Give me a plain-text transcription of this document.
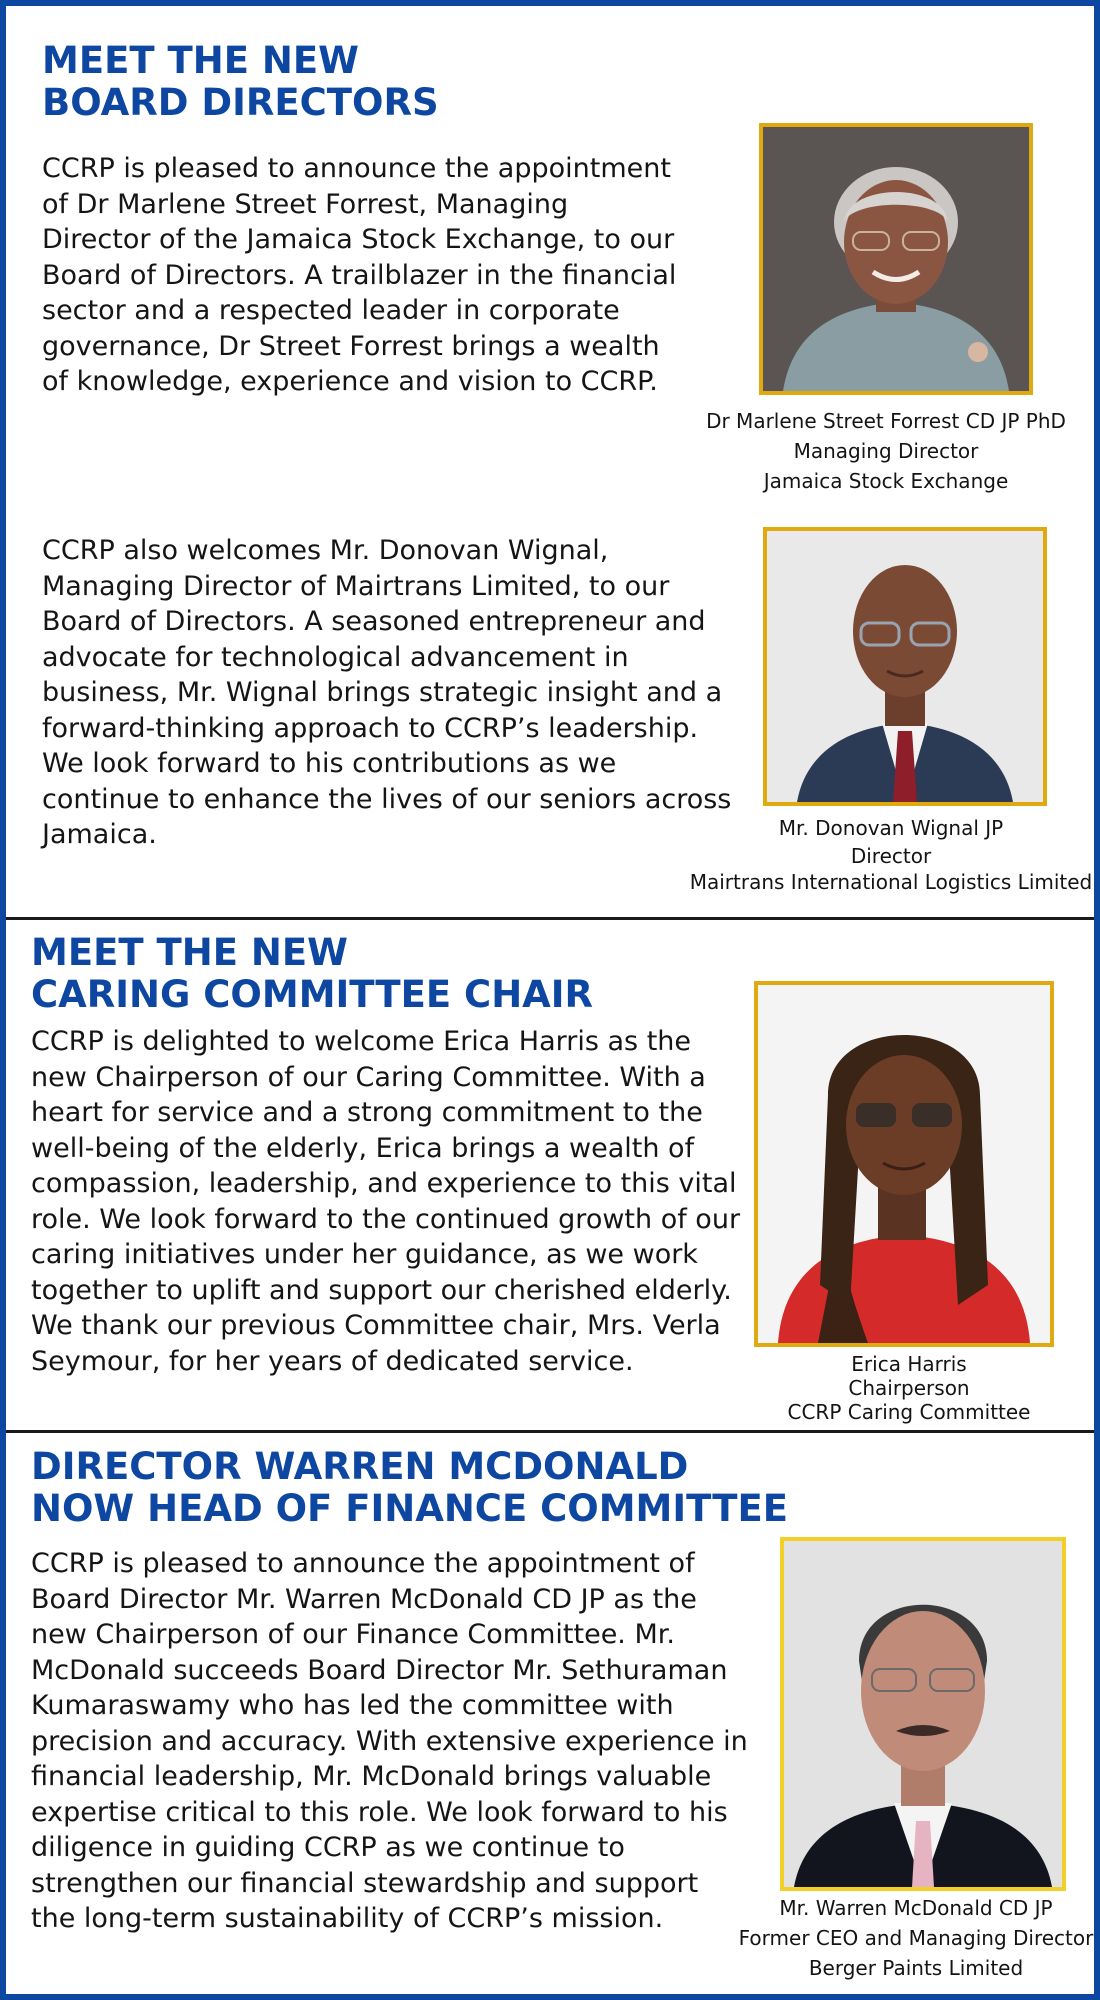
MEET THE NEW
BOARD DIRECTORS

CCRP is pleased to announce the appointment of Dr Marlene Street Forrest, Managing Director of the Jamaica Stock Exchange, to our Board of Directors. A trailblazer in the financial sector and a respected leader in corporate governance, Dr Street Forrest brings a wealth of knowledge, experience and vision to CCRP.

Dr Marlene Street Forrest CD JP PhD
Managing Director
Jamaica Stock Exchange

CCRP also welcomes Mr. Donovan Wignal, Managing Director of Mairtrans Limited, to our Board of Directors. A seasoned entrepreneur and advocate for technological advancement in business, Mr. Wignal brings strategic insight and a forward-thinking approach to CCRP’s leadership. We look forward to his contributions as we continue to enhance the lives of our seniors across Jamaica.	Mr. Donovan Wignal JP
Director
Mairtrans International Logistics Limited
MEET THE NEW
CARING COMMITTEE CHAIR

CCRP is delighted to welcome Erica Harris as the new Chairperson of our Caring Committee. With a heart for service and a strong commitment to the well-being of the elderly, Erica brings a wealth of compassion, leadership, and experience to this vital role. We look forward to the continued growth of our caring initiatives under her guidance, as we work together to uplift and support our cherished elderly. We thank our previous Committee chair, Mrs. Verla Seymour, for her years of dedicated service.	Erica Harris
Chairperson
CCRP Caring Committee
DIRECTOR WARREN MCDONALD
NOW HEAD OF FINANCE COMMITTEE

CCRP is pleased to announce the appointment of Board Director Mr. Warren McDonald CD JP as the new Chairperson of our Finance Committee. Mr. McDonald succeeds Board Director Mr. Sethuraman Kumaraswamy who has led the committee with precision and accuracy. With extensive experience in financial leadership, Mr. McDonald brings valuable expertise critical to this role. We look forward to his diligence in guiding CCRP as we continue to strengthen our financial stewardship and support the long-term sustainability of CCRP’s mission.	Mr. Warren McDonald CD JP
Former CEO and Managing Director
Berger Paints Limited
